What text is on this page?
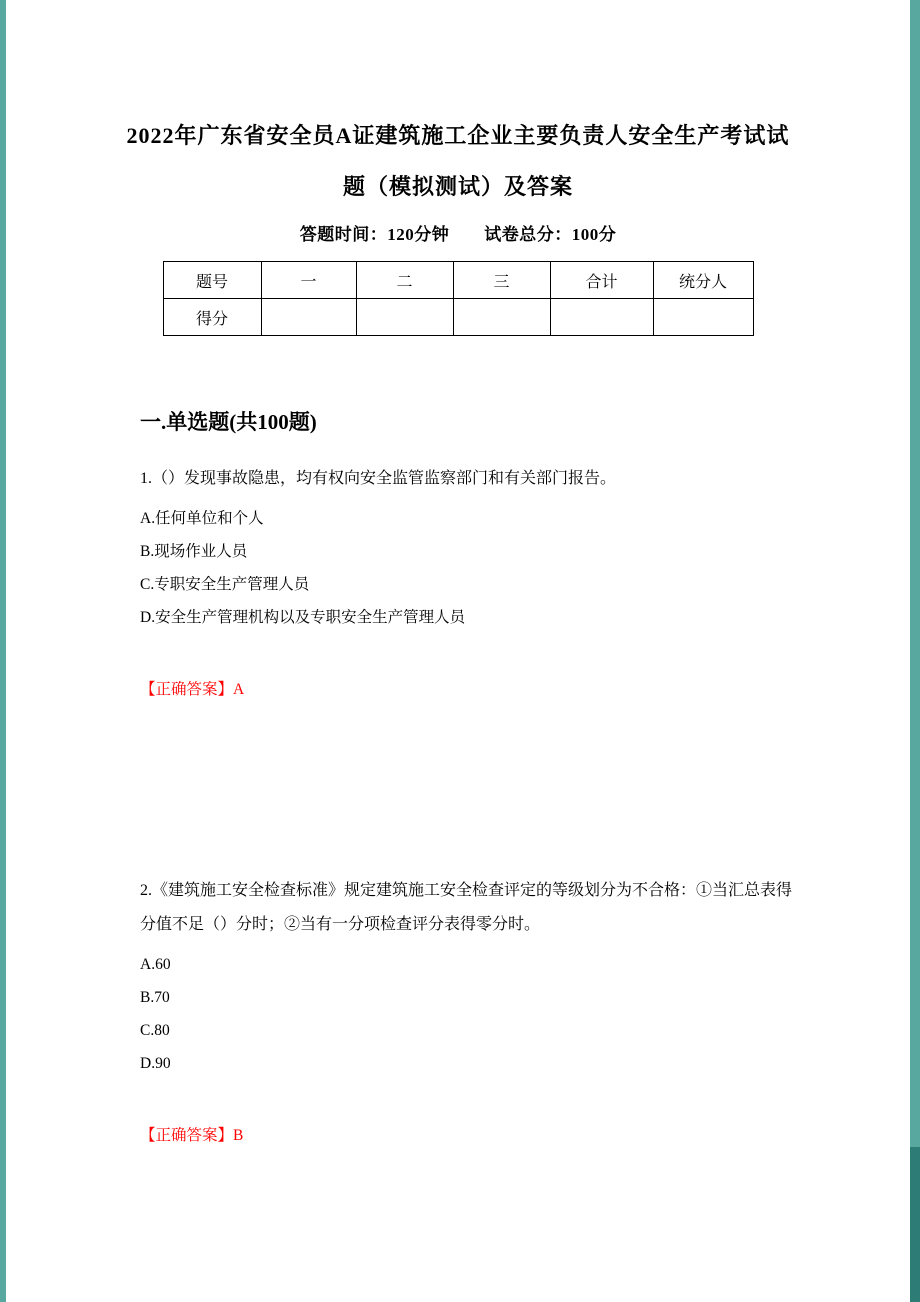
2022年广东省安全员A证建筑施工企业主要负责人安全生产考试试
题（模拟测试）及答案
答题时间：120分钟　　试卷总分：100分
题号	一	二	三	合计	统分人
得分					
一.单选题(共100题)

1.（）发现事故隐患，均有权向安全监管监察部门和有关部门报告。

A.任何单位和个人

B.现场作业人员

C.专职安全生产管理人员

D.安全生产管理机构以及专职安全生产管理人员

【正确答案】A

2.《建筑施工安全检查标准》规定建筑施工安全检查评定的等级划分为不合格：①当汇总表得分值不足（）分时；②当有一分项检查评分表得零分时。

A.60

B.70

C.80

D.90

【正确答案】B
